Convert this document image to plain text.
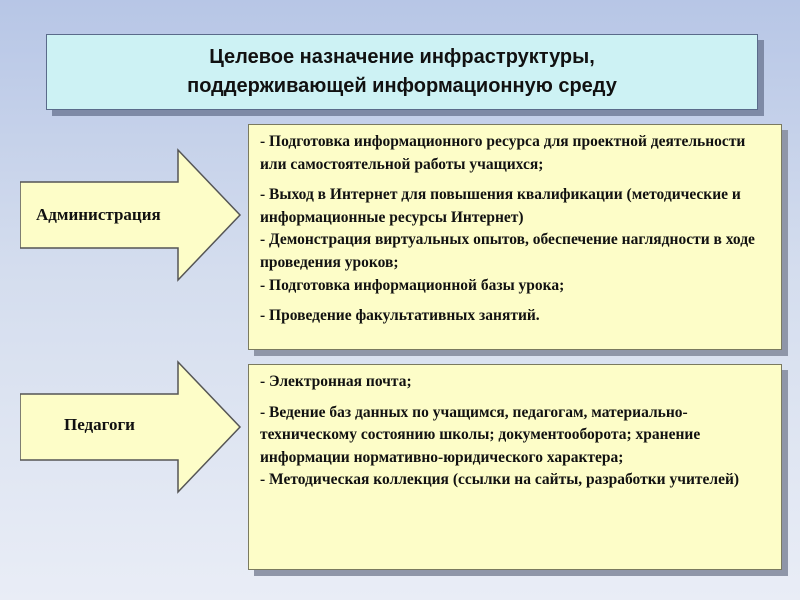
Целевое назначение инфраструктуры,
поддерживающей информационную среду
Администрация
Педагоги

- Подготовка информационного ресурса для проектной деятельности или самостоятельной работы учащихся;

- Выход в Интернет для повышения квалификации (методические и информационные ресурсы Интернет)

- Демонстрация виртуальных опытов, обеспечение наглядности в ходе проведения уроков;

- Подготовка информационной базы урока;

- Проведение факультативных занятий.

- Электронная почта;

- Ведение баз данных по учащимся, педагогам, материально-техническому состоянию школы; документооборота; хранение информации нормативно-юридического характера;

- Методическая коллекция (ссылки на сайты, разработки учителей)
